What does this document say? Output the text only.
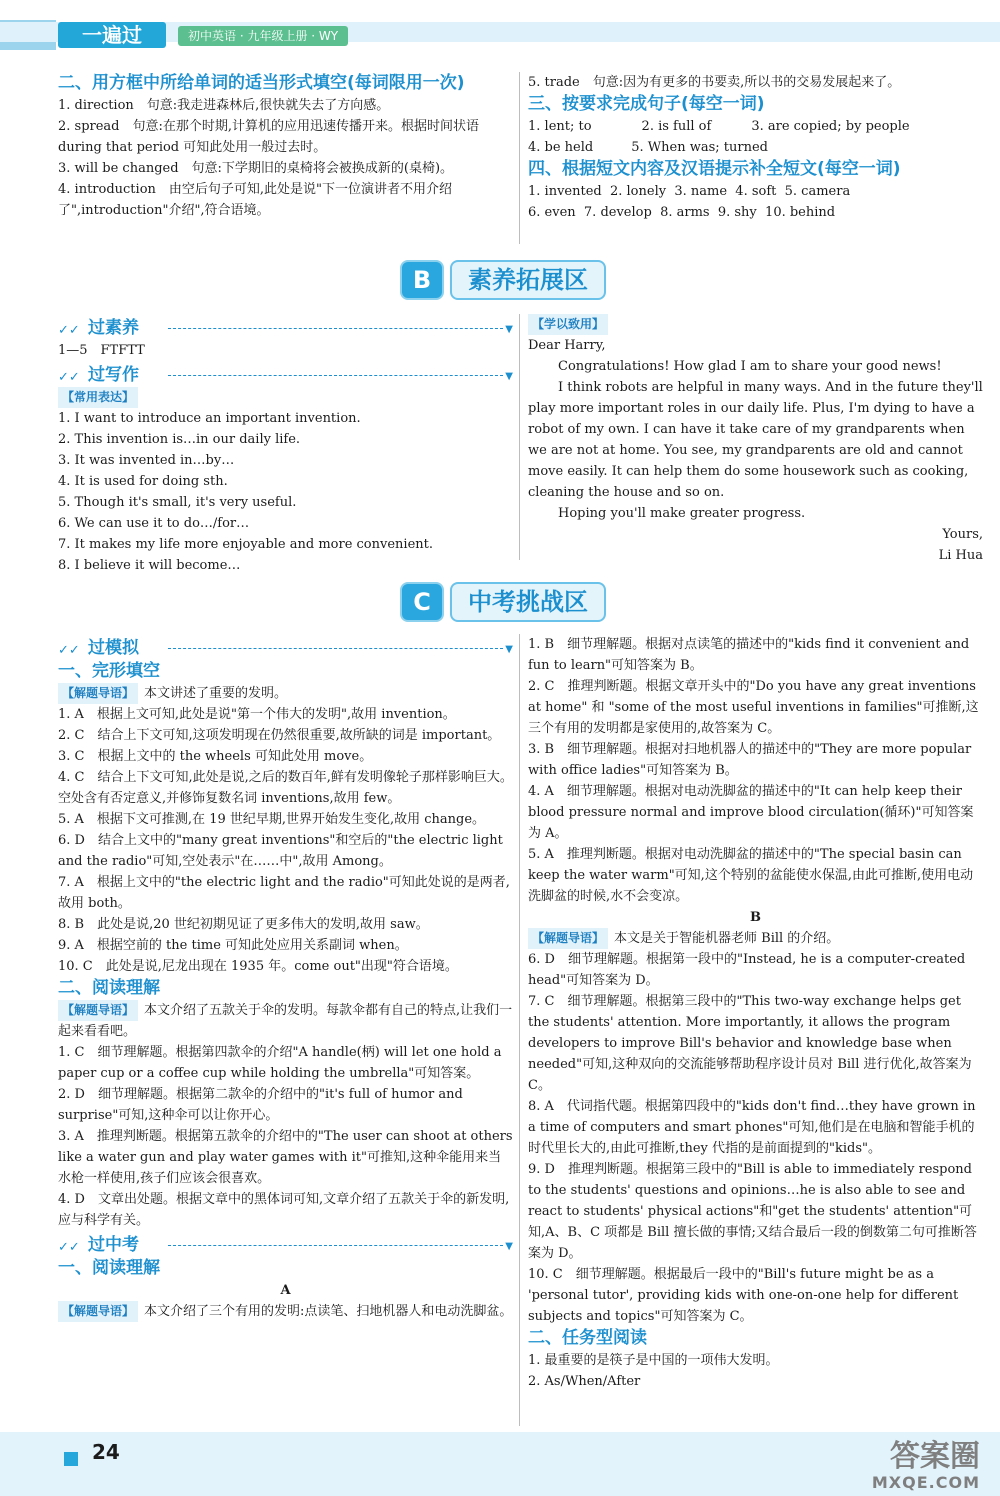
一遍过	初中英语 · 九年级上册 · WY

二、用方框中所给单词的适当形式填空(每词限用一次)

1. direction　句意:我走进森林后,很快就失去了方向感。

2. spread　句意:在那个时期,计算机的应用迅速传播开来。根据时间状语 during that period 可知此处用一般过去时。

3. will be changed　句意:下学期旧的桌椅将会被换成新的(桌椅)。

4. introduction　由空后句子可知,此处是说"下一位演讲者不用介绍了",introduction"介绍",符合语境。

5. trade　句意:因为有更多的书要卖,所以书的交易发展起来了。

三、按要求完成句子(每空一词)

1. lent; to	2. is full of	3. are copied; by people

4. be held	5. When was; turned

四、根据短文内容及汉语提示补全短文(每空一词)

1. invented 2. lonely 3. name 4. soft 5. camera

6. even 7. develop 8. arms 9. shy 10. behind

B	素养拓展区
✓✓ 过素养	▼

1—5　FTFTT

✓✓ 过写作	▼

【常用表达】

1. I want to introduce an important invention.

2. This invention is…in our daily life.

3. It was invented in…by…

4. It is used for doing sth.

5. Though it's small, it's very useful.

6. We can use it to do…/for…

7. It makes my life more enjoyable and more convenient.

8. I believe it will become…

【学以致用】

Dear Harry,

Congratulations! How glad I am to share your good news!

I think robots are helpful in many ways. And in the future they'll play more important roles in our daily life. Plus, I'm dying to have a robot of my own. I can have it take care of my grandparents when we are not at home. You see, my grandparents are old and cannot move easily. It can help them do some housework such as cooking, cleaning the house and so on.

Hoping you'll make greater progress.

Yours,

Li Hua

C	中考挑战区
✓✓ 过模拟	▼

一、完形填空

【解题导语】 本文讲述了重要的发明。

1. A　根据上文可知,此处是说"第一个伟大的发明",故用 invention。

2. C　结合上下文可知,这项发明现在仍然很重要,故所缺的词是 important。

3. C　根据上文中的 the wheels 可知此处用 move。

4. C　结合上下文可知,此处是说,之后的数百年,鲜有发明像轮子那样影响巨大。空处含有否定意义,并修饰复数名词 inventions,故用 few。

5. A　根据下文可推测,在 19 世纪早期,世界开始发生变化,故用 change。

6. D　结合上文中的"many great inventions"和空后的"the electric light and the radio"可知,空处表示"在……中",故用 Among。

7. A　根据上文中的"the electric light and the radio"可知此处说的是两者,故用 both。

8. B　此处是说,20 世纪初期见证了更多伟大的发明,故用 saw。

9. A　根据空前的 the time 可知此处应用关系副词 when。

10. C　此处是说,尼龙出现在 1935 年。come out"出现"符合语境。

二、阅读理解

【解题导语】 本文介绍了五款关于伞的发明。每款伞都有自己的特点,让我们一起来看看吧。

1. C　细节理解题。根据第四款伞的介绍"A handle(柄) will let one hold a paper cup or a coffee cup while holding the umbrella"可知答案。

2. D　细节理解题。根据第二款伞的介绍中的"it's full of humor and surprise"可知,这种伞可以让你开心。

3. A　推理判断题。根据第五款伞的介绍中的"The user can shoot at others like a water gun and play water games with it"可推知,这种伞能用来当水枪一样使用,孩子们应该会很喜欢。

4. D　文章出处题。根据文章中的黑体词可知,文章介绍了五款关于伞的新发明,应与科学有关。

✓✓ 过中考	▼

一、阅读理解

A

【解题导语】 本文介绍了三个有用的发明:点读笔、扫地机器人和电动洗脚盆。

1. B　细节理解题。根据对点读笔的描述中的"kids find it convenient and fun to learn"可知答案为 B。

2. C　推理判断题。根据文章开头中的"Do you have any great inventions at home" 和 "some of the most useful inventions in families"可推断,这三个有用的发明都是家使用的,故答案为 C。

3. B　细节理解题。根据对扫地机器人的描述中的"They are more popular with office ladies"可知答案为 B。

4. A　细节理解题。根据对电动洗脚盆的描述中的"It can help keep their blood pressure normal and improve blood circulation(循环)"可知答案为 A。

5. A　推理判断题。根据对电动洗脚盆的描述中的"The special basin can keep the water warm"可知,这个特别的盆能使水保温,由此可推断,使用电动洗脚盆的时候,水不会变凉。

B

【解题导语】 本文是关于智能机器老师 Bill 的介绍。

6. D　细节理解题。根据第一段中的"Instead, he is a computer-created head"可知答案为 D。

7. C　细节理解题。根据第三段中的"This two-way exchange helps get the students' attention. More importantly, it allows the program developers to improve Bill's behavior and knowledge base when needed"可知,这种双向的交流能够帮助程序设计员对 Bill 进行优化,故答案为 C。

8. A　代词指代题。根据第四段中的"kids don't find…they have grown in a time of computers and smart phones"可知,他们是在电脑和智能手机的时代里长大的,由此可推断,they 代指的是前面提到的"kids"。

9. D　推理判断题。根据第三段中的"Bill is able to immediately respond to the students' questions and opinions…he is also able to see and react to students' physical actions"和"get the students' attention"可知,A、B、C 项都是 Bill 擅长做的事情;又结合最后一段的倒数第二句可推断答案为 D。

10. C　细节理解题。根据最后一段中的"Bill's future might be as a 'personal tutor', providing kids with one-on-one help for different subjects and topics"可知答案为 C。

二、任务型阅读

1. 最重要的是筷子是中国的一项伟大发明。

2. As/When/After

24	答案圈
MXQE.COM
